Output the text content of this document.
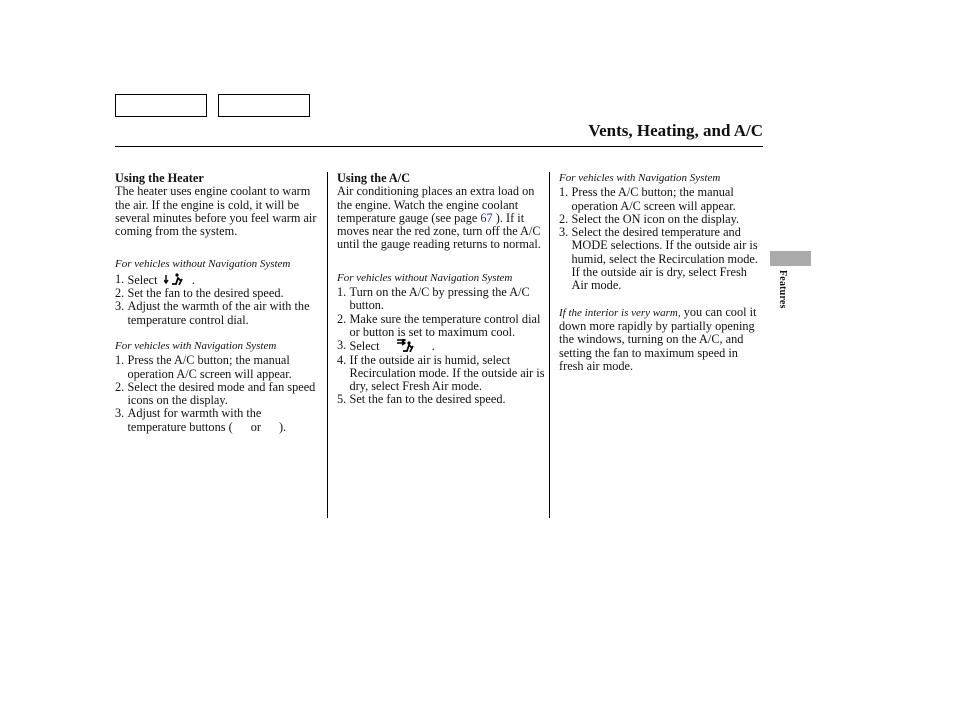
Vents, Heating, and A/C
Features
Using the Heater
The heater uses engine coolant to warm the air. If the engine is cold, it will be several minutes before you feel warm air coming from the system.
For vehicles without Navigation System
1. Select	.
2. Set the fan to the desired speed.
3. Adjust the warmth of the air with the temperature control dial.
For vehicles with Navigation System
1. Press the A/C button; the manual operation A/C screen will appear.
2. Select the desired mode and fan speed icons on the display.
3. Adjust for warmth with the temperature buttons ( or ).
Using the A/C
Air conditioning places an extra load on the engine. Watch the engine coolant temperature gauge (see page 67 ). If it moves near the red zone, turn off the A/C until the gauge reading returns to normal.
For vehicles without Navigation System
1. Turn on the A/C by pressing the A/C button.
2. Make sure the temperature control dial or button is set to maximum cool.
3. Select	.
4. If the outside air is humid, select Recirculation mode. If the outside air is dry, select Fresh Air mode.
5. Set the fan to the desired speed.
For vehicles with Navigation System
1. Press the A/C button; the manual operation A/C screen will appear.
2. Select the ON icon on the display.
3. Select the desired temperature and MODE selections. If the outside air is humid, select the Recirculation mode. If the outside air is dry, select Fresh Air mode.
If the interior is very warm, you can cool it down more rapidly by partially opening the windows, turning on the A/C, and setting the fan to maximum speed in fresh air mode.
